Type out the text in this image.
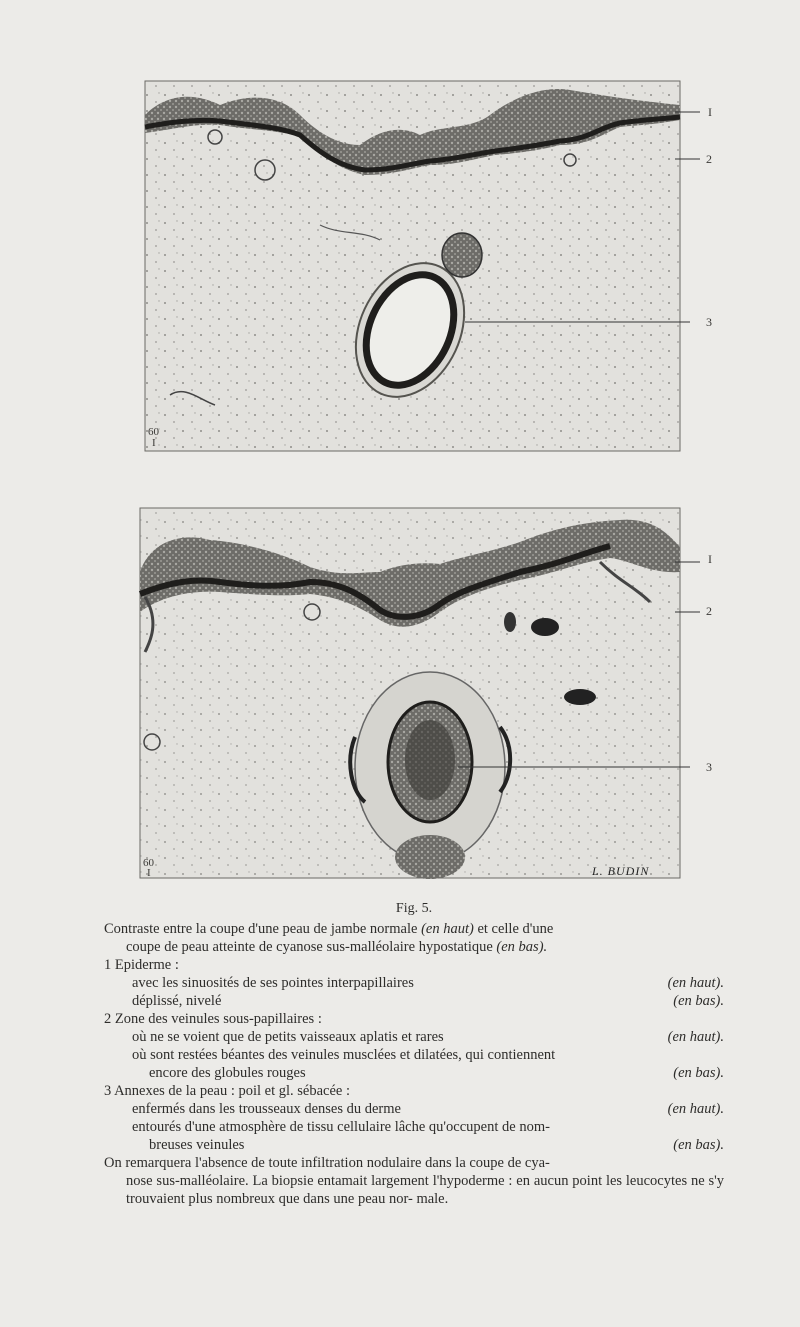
I
2
3
60
I
I
2
3
60
I	L. BUDIN
Fig. 5.
Contraste entre la coupe d'une peau de jambe normale (en haut) et celle d'une
coupe de peau atteinte de cyanose sus-malléolaire hypostatique (en bas).
1 Epiderme :
avec les sinuosités de ses pointes interpapillaires	(en haut).
déplissé, nivelé	(en bas).
2 Zone des veinules sous-papillaires :
où ne se voient que de petits vaisseaux aplatis et rares	(en haut).
où sont restées béantes des veinules musclées et dilatées, qui contiennent
encore des globules rouges	(en bas).
3 Annexes de la peau : poil et gl. sébacée :
enfermés dans les trousseaux denses du derme	(en haut).
entourés d'une atmosphère de tissu cellulaire lâche qu'occupent de nom-
breuses veinules	(en bas).
On remarquera l'absence de toute infiltration nodulaire dans la coupe de cya-
nose sus-malléolaire. La biopsie entamait largement l'hypoderme : en aucun point les leucocytes ne s'y trouvaient plus nombreux que dans une peau nor- male.
